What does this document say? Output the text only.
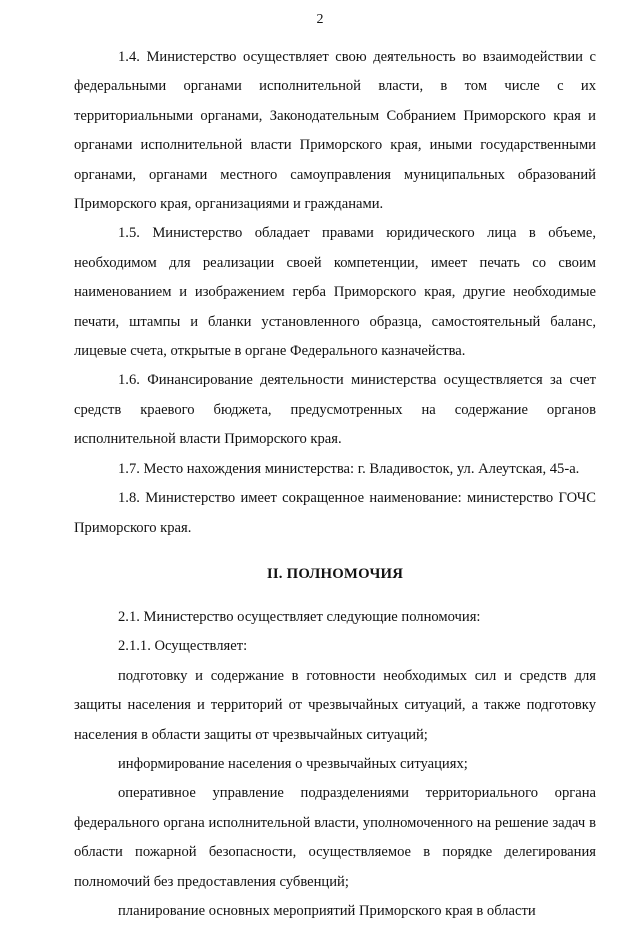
2

1.4. Министерство осуществляет свою деятельность во взаимодействии с федеральными органами исполнительной власти, в том числе с их территориальными органами, Законодательным Собранием Приморского края и органами исполнительной власти Приморского края, иными государственными органами, органами местного самоуправления муниципальных образований Приморского края, организациями и гражданами.

1.5. Министерство обладает правами юридического лица в объеме, необходимом для реализации своей компетенции, имеет печать со своим наименованием и изображением герба Приморского края, другие необходимые печати, штампы и бланки установленного образца, самостоятельный баланс, лицевые счета, открытые в органе Федерального казначейства.

1.6. Финансирование деятельности министерства осуществляется за счет средств краевого бюджета, предусмотренных на содержание органов исполнительной власти Приморского края.

1.7. Место нахождения министерства: г. Владивосток, ул. Алеутская, 45-а.

1.8. Министерство имеет сокращенное наименование: министерство ГОЧС Приморского края.

II. ПОЛНОМОЧИЯ

2.1. Министерство осуществляет следующие полномочия:

2.1.1. Осуществляет:

подготовку и содержание в готовности необходимых сил и средств для защиты населения и территорий от чрезвычайных ситуаций, а также подготовку населения в области защиты от чрезвычайных ситуаций;

информирование населения о чрезвычайных ситуациях;

оперативное управление подразделениями территориального органа федерального органа исполнительной власти, уполномоченного на решение задач в области пожарной безопасности, осуществляемое в порядке делегирования полномочий без предоставления субвенций;

планирование основных мероприятий Приморского края в области
